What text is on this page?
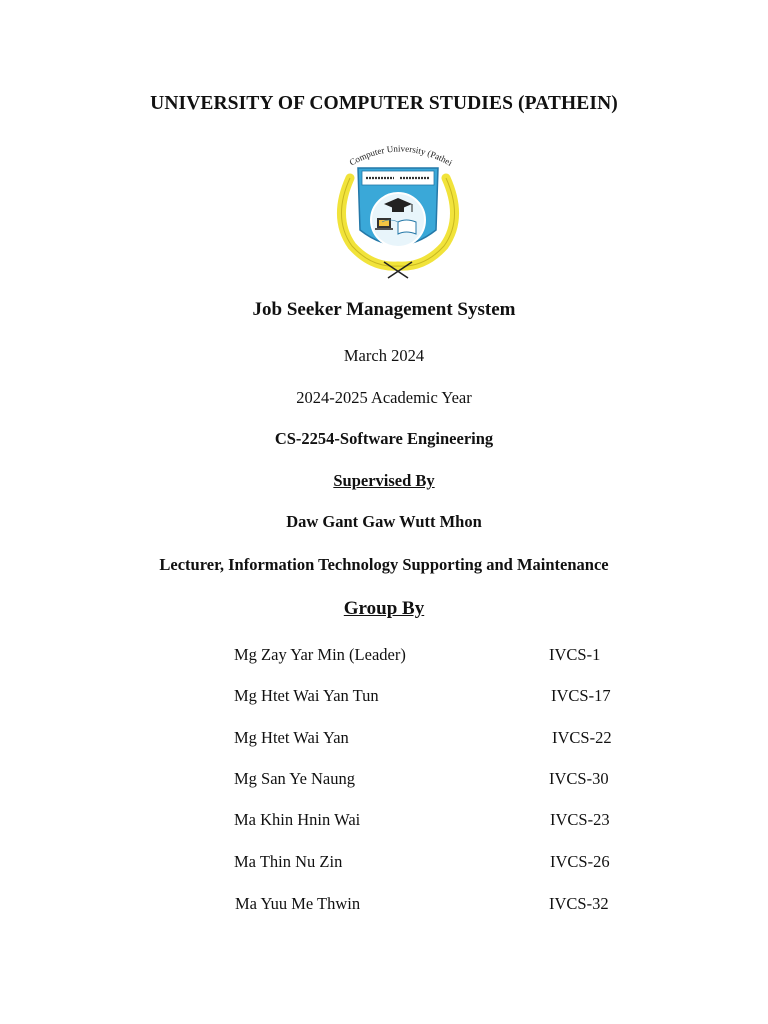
UNIVERSITY OF COMPUTER STUDIES (PATHEIN)
Computer University (Pathei
Job Seeker Management System
March 2024
2024-2025 Academic Year
CS-2254-Software Engineering
Supervised By
Daw Gant Gaw Wutt Mhon
Lecturer, Information Technology Supporting and Maintenance
Group By
Mg Zay Yar Min (Leader)	IVCS-1
Mg Htet Wai Yan Tun	IVCS-17
Mg Htet Wai Yan	IVCS-22
Mg San Ye Naung	IVCS-30
Ma Khin Hnin Wai	IVCS-23
Ma Thin Nu Zin	IVCS-26
Ma Yuu Me Thwin	IVCS-32
